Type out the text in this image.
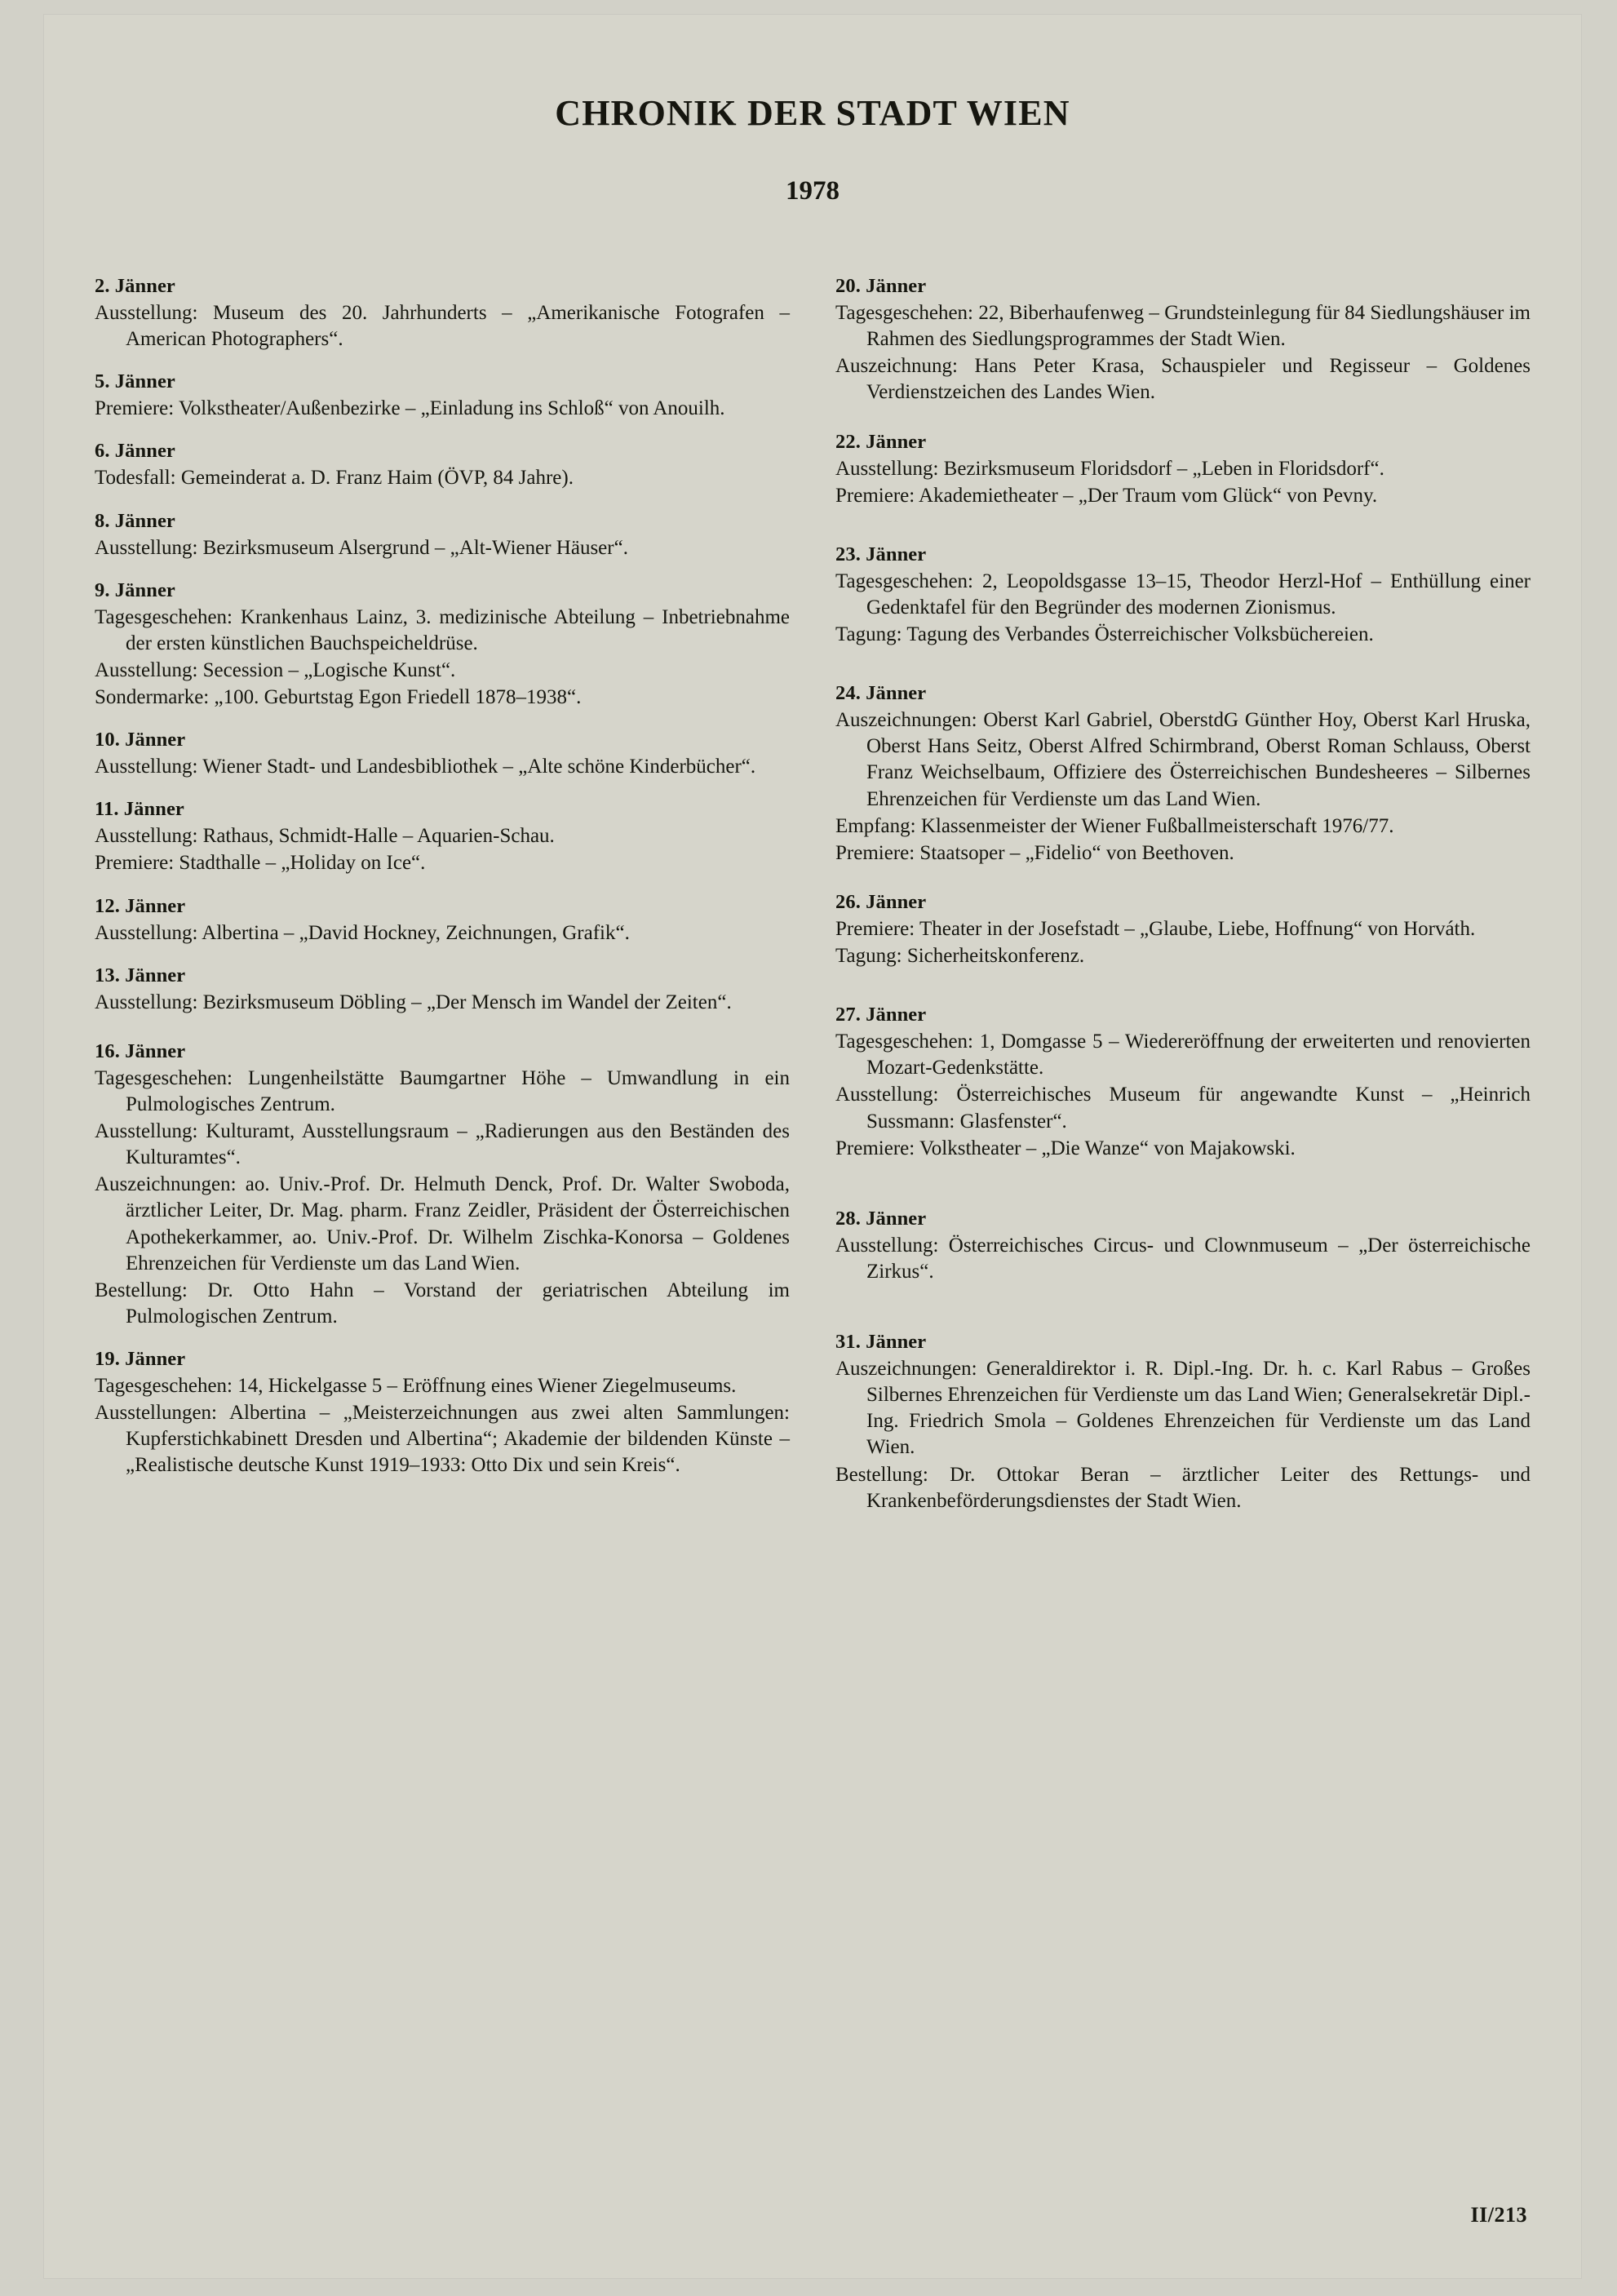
CHRONIK DER STADT WIEN
1978
2. Jänner
Ausstellung: Museum des 20. Jahrhunderts – „Amerikanische Fotografen – American Photographers“.
5. Jänner
Premiere: Volkstheater/Außenbezirke – „Einladung ins Schloß“ von Anouilh.
6. Jänner
Todesfall: Gemeinderat a. D. Franz Haim (ÖVP, 84 Jahre).
8. Jänner
Ausstellung: Bezirksmuseum Alsergrund – „Alt-Wiener Häuser“.
9. Jänner
Tagesgeschehen: Krankenhaus Lainz, 3. medizinische Abteilung – Inbetriebnahme der ersten künstlichen Bauchspeicheldrüse.
Ausstellung: Secession – „Logische Kunst“.
Sondermarke: „100. Geburtstag Egon Friedell 1878–1938“.
10. Jänner
Ausstellung: Wiener Stadt- und Landesbibliothek – „Alte schöne Kinderbücher“.
11. Jänner
Ausstellung: Rathaus, Schmidt-Halle – Aquarien-Schau.
Premiere: Stadthalle – „Holiday on Ice“.
12. Jänner
Ausstellung: Albertina – „David Hockney, Zeichnungen, Grafik“.
13. Jänner
Ausstellung: Bezirksmuseum Döbling – „Der Mensch im Wandel der Zeiten“.
16. Jänner
Tagesgeschehen: Lungenheilstätte Baumgartner Höhe – Umwandlung in ein Pulmologisches Zentrum.
Ausstellung: Kulturamt, Ausstellungsraum – „Radierungen aus den Beständen des Kulturamtes“.
Auszeichnungen: ao. Univ.-Prof. Dr. Helmuth Denck, Prof. Dr. Walter Swoboda, ärztlicher Leiter, Dr. Mag. pharm. Franz Zeidler, Präsident der Österreichischen Apothekerkammer, ao. Univ.-Prof. Dr. Wilhelm Zischka-Konorsa – Goldenes Ehrenzeichen für Verdienste um das Land Wien.
Bestellung: Dr. Otto Hahn – Vorstand der geriatrischen Abteilung im Pulmologischen Zentrum.
19. Jänner
Tagesgeschehen: 14, Hickelgasse 5 – Eröffnung eines Wiener Ziegelmuseums.
Ausstellungen: Albertina – „Meisterzeichnungen aus zwei alten Sammlungen: Kupferstichkabinett Dresden und Albertina“; Akademie der bildenden Künste – „Realistische deutsche Kunst 1919–1933: Otto Dix und sein Kreis“.
20. Jänner
Tagesgeschehen: 22, Biberhaufenweg – Grundsteinlegung für 84 Siedlungshäuser im Rahmen des Siedlungsprogrammes der Stadt Wien.
Auszeichnung: Hans Peter Krasa, Schauspieler und Regisseur – Goldenes Verdienstzeichen des Landes Wien.
22. Jänner
Ausstellung: Bezirksmuseum Floridsdorf – „Leben in Floridsdorf“.
Premiere: Akademietheater – „Der Traum vom Glück“ von Pevny.
23. Jänner
Tagesgeschehen: 2, Leopoldsgasse 13–15, Theodor Herzl-Hof – Enthüllung einer Gedenktafel für den Begründer des modernen Zionismus.
Tagung: Tagung des Verbandes Österreichischer Volksbüchereien.
24. Jänner
Auszeichnungen: Oberst Karl Gabriel, OberstdG Günther Hoy, Oberst Karl Hruska, Oberst Hans Seitz, Oberst Alfred Schirmbrand, Oberst Roman Schlauss, Oberst Franz Weichselbaum, Offiziere des Österreichischen Bundesheeres – Silbernes Ehrenzeichen für Verdienste um das Land Wien.
Empfang: Klassenmeister der Wiener Fußballmeisterschaft 1976/77.
Premiere: Staatsoper – „Fidelio“ von Beethoven.
26. Jänner
Premiere: Theater in der Josefstadt – „Glaube, Liebe, Hoffnung“ von Horváth.
Tagung: Sicherheitskonferenz.
27. Jänner
Tagesgeschehen: 1, Domgasse 5 – Wiedereröffnung der erweiterten und renovierten Mozart-Gedenkstätte.
Ausstellung: Österreichisches Museum für angewandte Kunst – „Heinrich Sussmann: Glasfenster“.
Premiere: Volkstheater – „Die Wanze“ von Majakowski.
28. Jänner
Ausstellung: Österreichisches Circus- und Clownmuseum – „Der österreichische Zirkus“.
31. Jänner
Auszeichnungen: Generaldirektor i. R. Dipl.-Ing. Dr. h. c. Karl Rabus – Großes Silbernes Ehrenzeichen für Verdienste um das Land Wien; Generalsekretär Dipl.-Ing. Friedrich Smola – Goldenes Ehrenzeichen für Verdienste um das Land Wien.
Bestellung: Dr. Ottokar Beran – ärztlicher Leiter des Rettungs- und Krankenbeförderungsdienstes der Stadt Wien.
II/213
